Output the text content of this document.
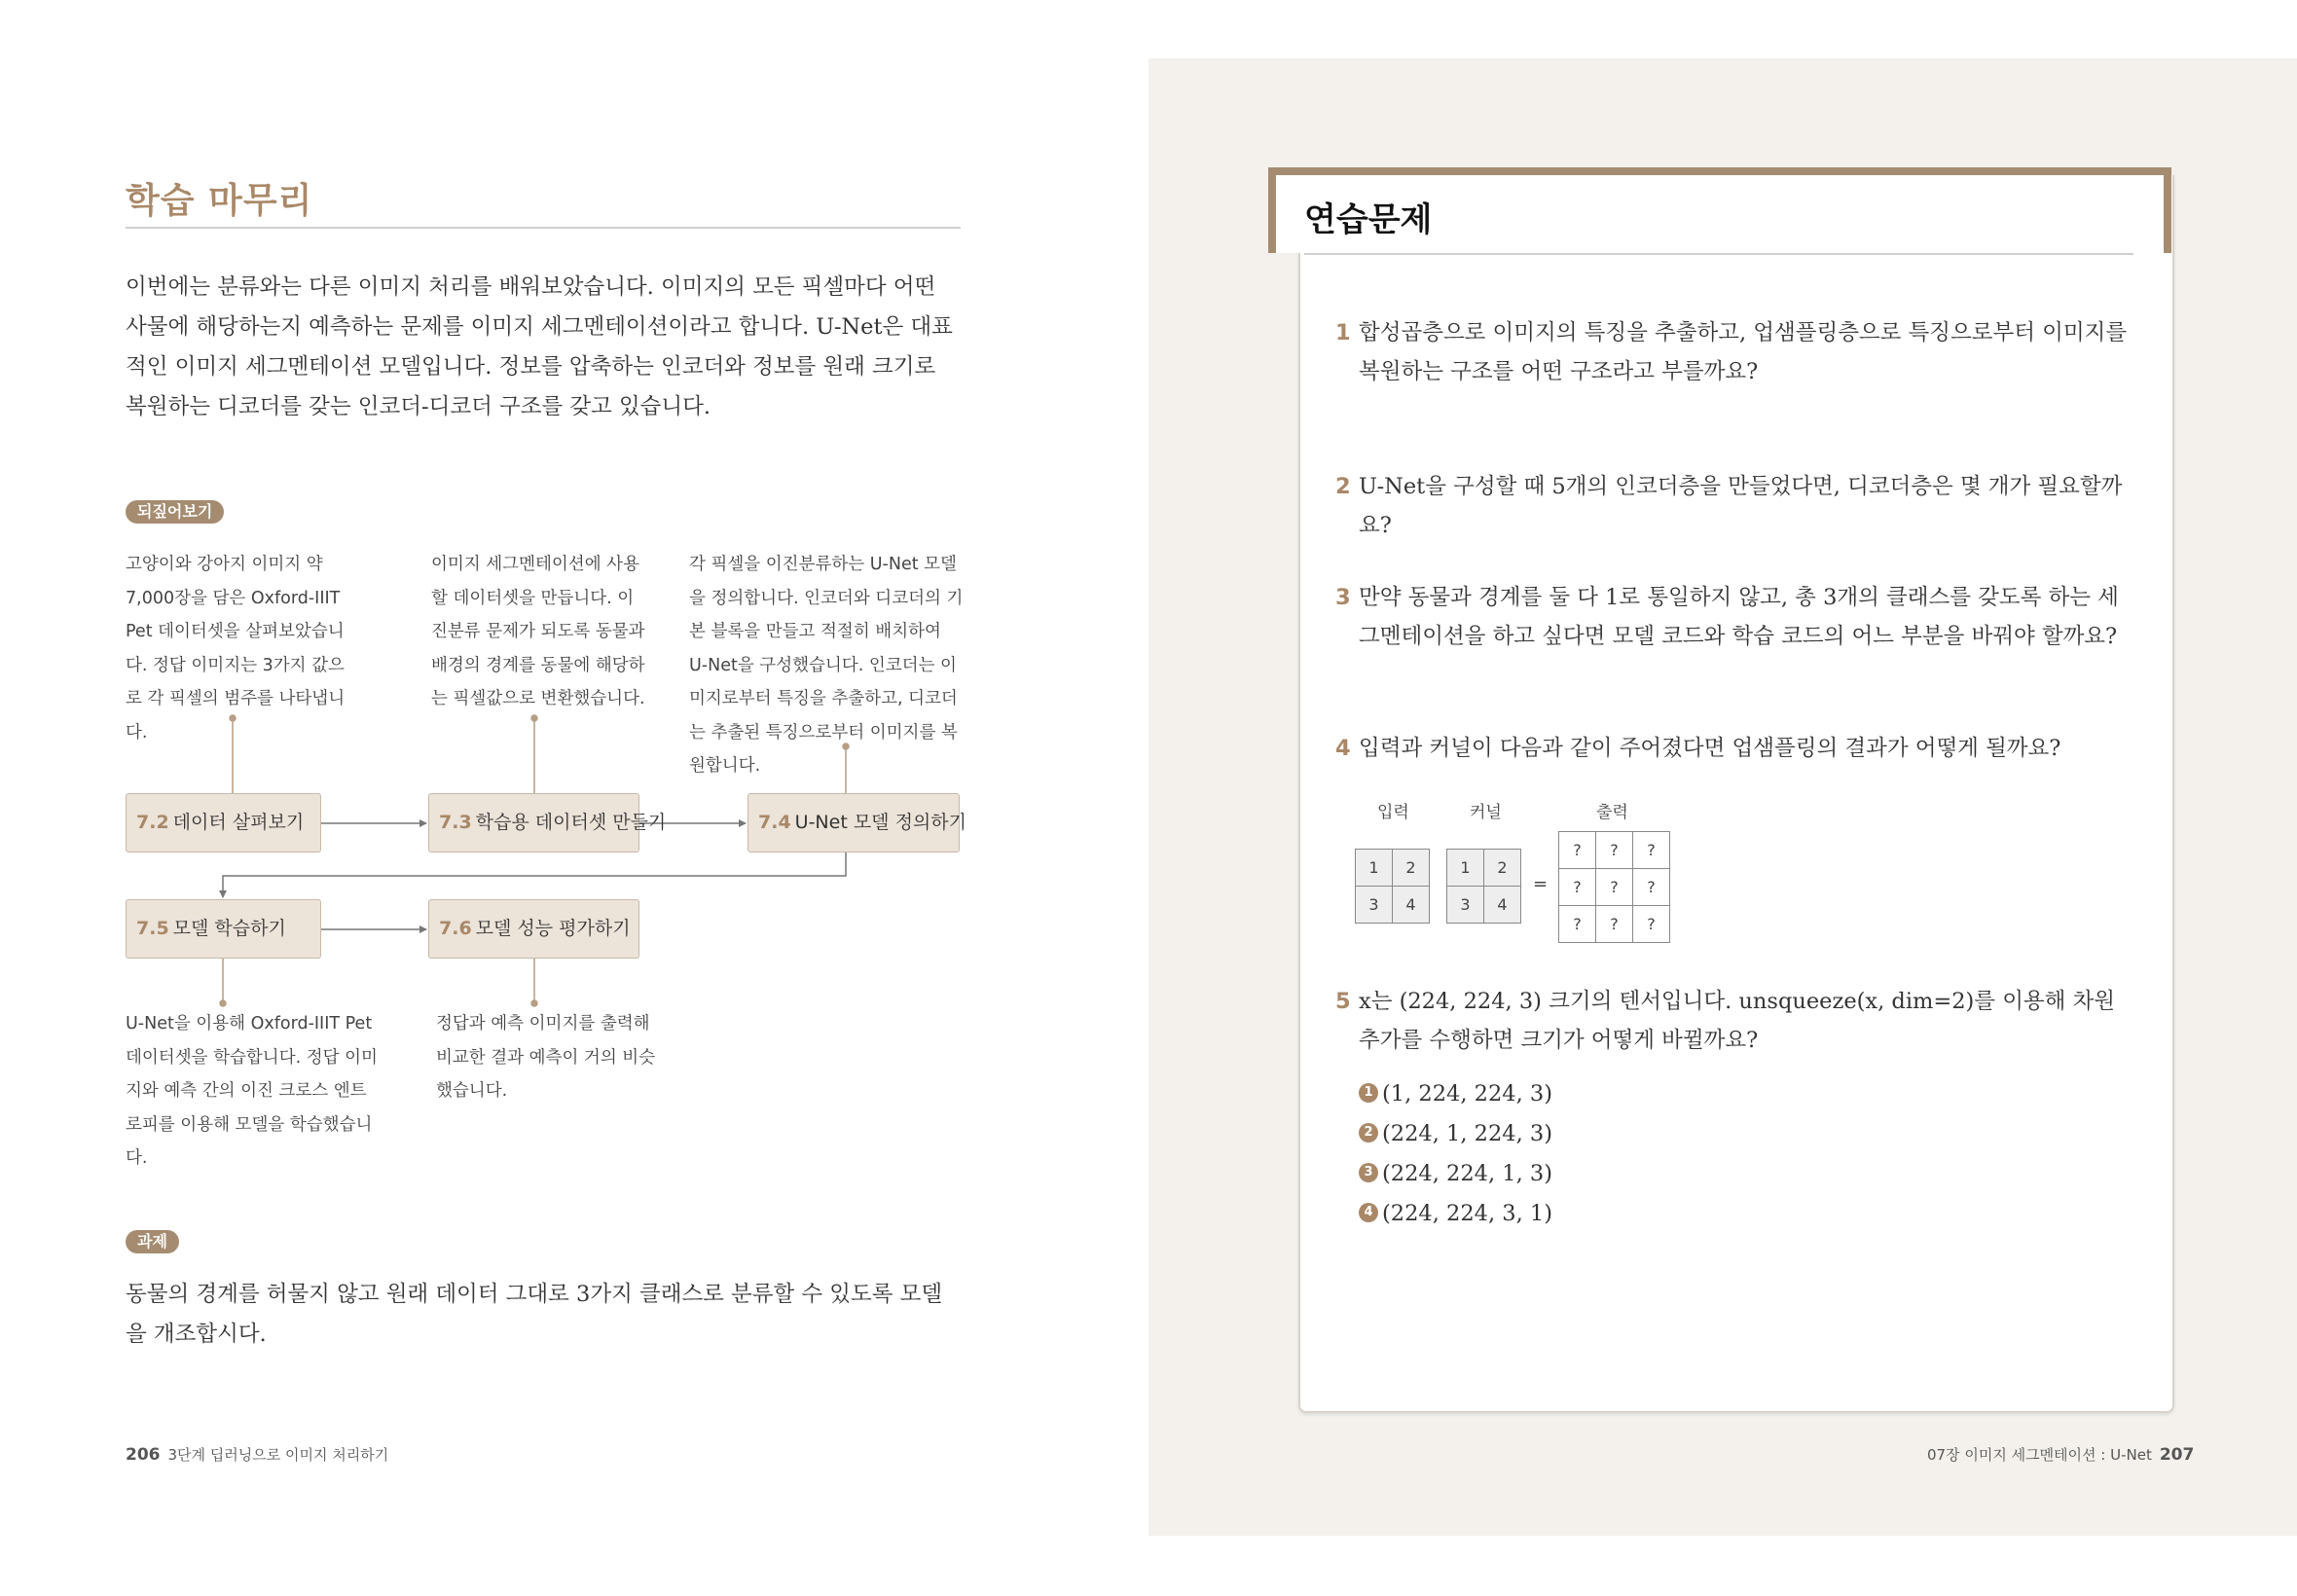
학습 마무리
이번에는 분류와는 다른 이미지 처리를 배워보았습니다. 이미지의 모든 픽셀마다 어떤 사물에 해당하는지 예측하는 문제를 이미지 세그멘테이션이라고 합니다. U-Net은 대표적인 이미지 세그멘테이션 모델입니다. 정보를 압축하는 인코더와 정보를 원래 크기로 복원하는 디코더를 갖는 인코더-디코더 구조를 갖고 있습니다.
되짚어보기
고양이와 강아지 이미지 약 7,000장을 담은 Oxford-IIIT Pet 데이터셋을 살펴보았습니다. 정답 이미지는 3가지 값으로 각 픽셀의 범주를 나타냅니다.
이미지 세그멘테이션에 사용할 데이터셋을 만듭니다. 이진분류 문제가 되도록 동물과 배경의 경계를 동물에 해당하는 픽셀값으로 변환했습니다.
각 픽셀을 이진분류하는 U-Net 모델을 정의합니다. 인코더와 디코더의 기본 블록을 만들고 적절히 배치하여 U-Net을 구성했습니다. 인코더는 이미지로부터 특징을 추출하고, 디코더는 추출된 특징으로부터 이미지를 복원합니다.
7.2 데이터 살펴보기	7.3 학습용 데이터셋 만들기	7.4 U-Net 모델 정의하기
7.5 모델 학습하기	7.6 모델 성능 평가하기
U-Net을 이용해 Oxford-IIIT Pet 데이터셋을 학습합니다. 정답 이미지와 예측 간의 이진 크로스 엔트로피를 이용해 모델을 학습했습니다.
정답과 예측 이미지를 출력해 비교한 결과 예측이 거의 비슷했습니다.
과제
동물의 경계를 허물지 않고 원래 데이터 그대로 3가지 클래스로 분류할 수 있도록 모델을 개조합시다.
206 3단계 딥러닝으로 이미지 처리하기
연습문제
1 합성곱층으로 이미지의 특징을 추출하고, 업샘플링층으로 특징으로부터 이미지를 복원하는 구조를 어떤 구조라고 부를까요?
2 U-Net을 구성할 때 5개의 인코더층을 만들었다면, 디코더층은 몇 개가 필요할까요?
3 만약 동물과 경계를 둘 다 1로 통일하지 않고, 총 3개의 클래스를 갖도록 하는 세그멘테이션을 하고 싶다면 모델 코드와 학습 코드의 어느 부분을 바꿔야 할까요?
4 입력과 커널이 다음과 같이 주어졌다면 업샘플링의 결과가 어떻게 될까요?
입력	커널	출력
1	2
3	4
1	2
3	4
=
?	?	?
?	?	?
?	?	?
5 x는 (224, 224, 3) 크기의 텐서입니다. unsqueeze(x, dim=2)를 이용해 차원 추가를 수행하면 크기가 어떻게 바뀔까요?
1 (1, 224, 224, 3)
2 (224, 1, 224, 3)
3 (224, 224, 1, 3)
4 (224, 224, 3, 1)
07장 이미지 세그멘테이션 : U-Net 207
